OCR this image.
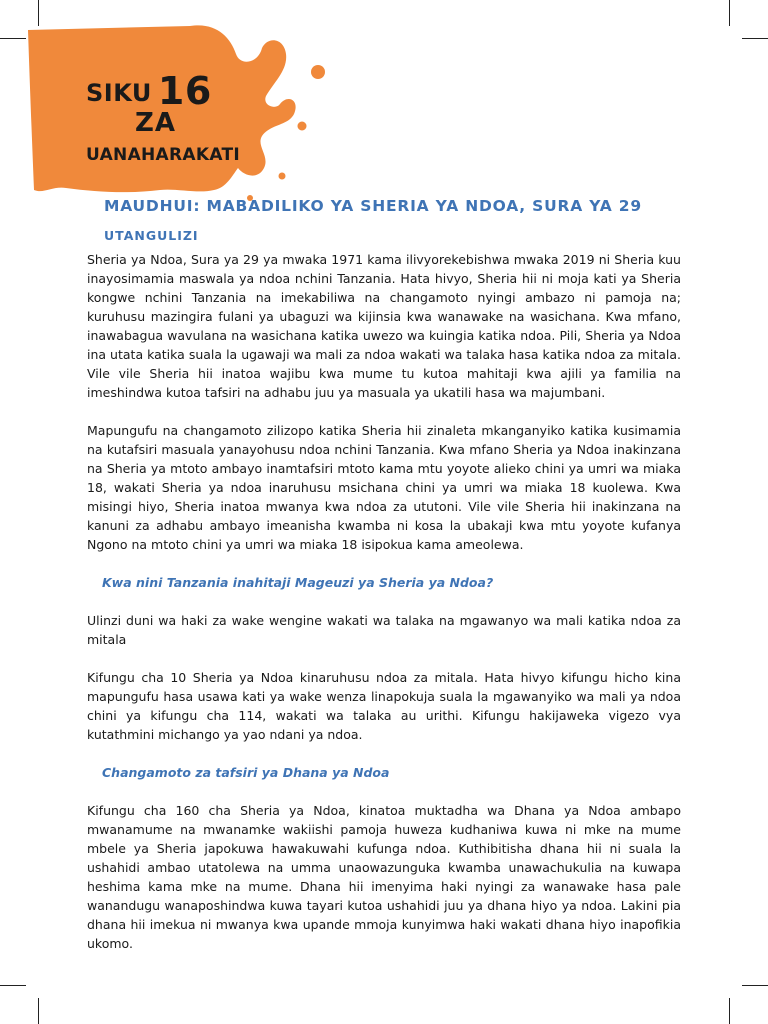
SIKU 16
ZA
UANAHARAKATI
MAUDHUI: MABADILIKO YA SHERIA YA NDOA, SURA YA 29
UTANGULIZI

Sheria ya Ndoa, Sura ya 29 ya mwaka 1971 kama ilivyorekebishwa mwaka 2019 ni Sheria kuu inayosimamia maswala ya ndoa nchini Tanzania. Hata hivyo, Sheria hii ni moja kati ya Sheria kongwe nchini Tanzania na imekabiliwa na changamoto nyingi ambazo ni pamoja na; kuruhusu mazingira fulani ya ubaguzi wa kijinsia kwa wanawake na wasichana. Kwa mfano, inawabagua wavulana na wasichana katika uwezo wa kuingia katika ndoa. Pili, Sheria ya Ndoa ina utata katika suala la ugawaji wa mali za ndoa wakati wa talaka hasa katika ndoa za mitala. Vile vile Sheria hii inatoa wajibu kwa mume tu kutoa mahitaji kwa ajili ya familia na imeshindwa kutoa tafsiri na adhabu juu ya masuala ya ukatili hasa wa majumbani.

Mapungufu na changamoto zilizopo katika Sheria hii zinaleta mkanganyiko katika kusimamia na kutafsiri masuala yanayohusu ndoa nchini Tanzania. Kwa mfano Sheria ya Ndoa inakinzana na Sheria ya mtoto ambayo inamtafsiri mtoto kama mtu yoyote alieko chini ya umri wa miaka 18, wakati Sheria ya ndoa inaruhusu msichana chini ya umri wa miaka 18 kuolewa. Kwa misingi hiyo, Sheria inatoa mwanya kwa ndoa za ututoni. Vile vile Sheria hii inakinzana na kanuni za adhabu ambayo imeanisha kwamba ni kosa la ubakaji kwa mtu yoyote kufanya Ngono na mtoto chini ya umri wa miaka 18 isipokua kama ameolewa.

Kwa nini Tanzania inahitaji Mageuzi ya Sheria ya Ndoa?

Ulinzi duni wa haki za wake wengine wakati wa talaka na mgawanyo wa mali katika ndoa za mitala

Kifungu cha 10 Sheria ya Ndoa kinaruhusu ndoa za mitala. Hata hivyo kifungu hicho kina mapungufu hasa usawa kati ya wake wenza linapokuja suala la mgawanyiko wa mali ya ndoa chini ya kifungu cha 114, wakati wa talaka au urithi. Kifungu hakijaweka vigezo vya kutathmini michango ya yao ndani ya ndoa.

Changamoto za tafsiri ya Dhana ya Ndoa

Kifungu cha 160 cha Sheria ya Ndoa, kinatoa muktadha wa Dhana ya Ndoa ambapo mwanamume na mwanamke wakiishi pamoja huweza kudhaniwa kuwa ni mke na mume mbele ya Sheria japokuwa hawakuwahi kufunga ndoa. Kuthibitisha dhana hii ni suala la ushahidi ambao utatolewa na umma unaowazunguka kwamba unawachukulia na kuwapa heshima kama mke na mume. Dhana hii imenyima haki nyingi za wanawake hasa pale wanandugu wanaposhindwa kuwa tayari kutoa ushahidi juu ya dhana hiyo ya ndoa. Lakini pia dhana hii imekua ni mwanya kwa upande mmoja kunyimwa haki wakati dhana hiyo inapofikia ukomo.
